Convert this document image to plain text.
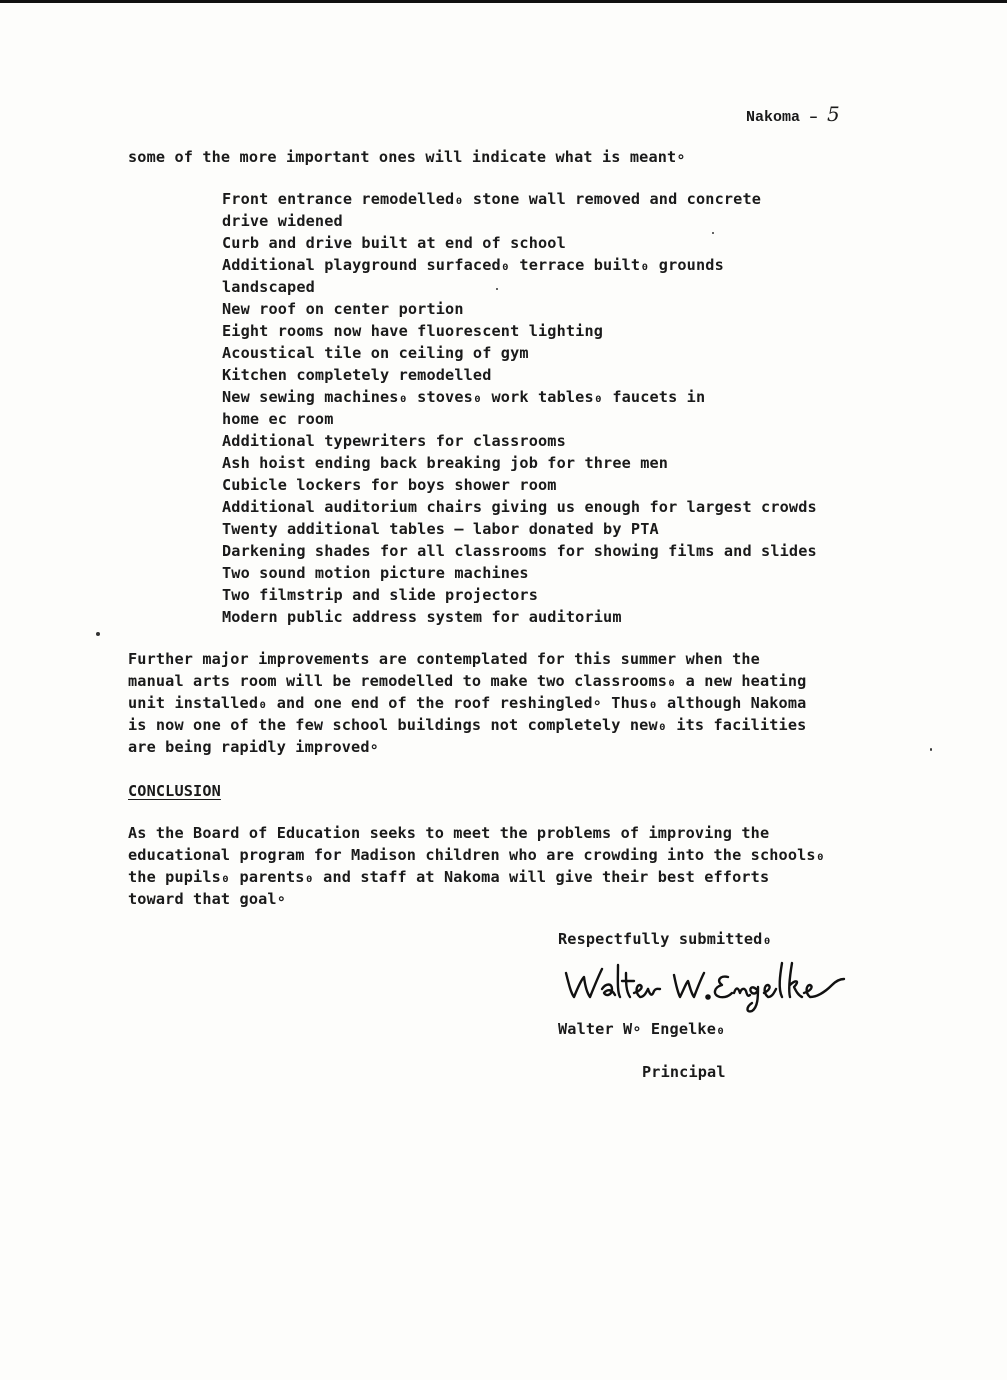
Nakoma – 5
some of the more important ones will indicate what is meant∘
Front entrance remodelled₀ stone wall removed and concrete
drive widened
Curb and drive built at end of school
Additional playground surfaced₀ terrace built₀ grounds
landscaped
New roof on center portion
Eight rooms now have fluorescent lighting
Acoustical tile on ceiling of gym
Kitchen completely remodelled
New sewing machines₀ stoves₀ work tables₀ faucets in
home ec room
Additional typewriters for classrooms
Ash hoist ending back breaking job for three men
Cubicle lockers for boys shower room
Additional auditorium chairs giving us enough for largest crowds
Twenty additional tables – labor donated by PTA
Darkening shades for all classrooms for showing films and slides
Two sound motion picture machines
Two filmstrip and slide projectors
Modern public address system for auditorium
Further major improvements are contemplated for this summer when the
manual arts room will be remodelled to make two classrooms₀ a new heating
unit installed₀ and one end of the roof reshingled∘ Thus₀ although Nakoma
is now one of the few school buildings not completely new₀ its facilities
are being rapidly improved∘
CONCLUSION
As the Board of Education seeks to meet the problems of improving the
educational program for Madison children who are crowding into the schools₀
the pupils₀ parents₀ and staff at Nakoma will give their best efforts
toward that goal∘
Respectfully submitted₀
Walter W∘ Engelke₀
Principal
